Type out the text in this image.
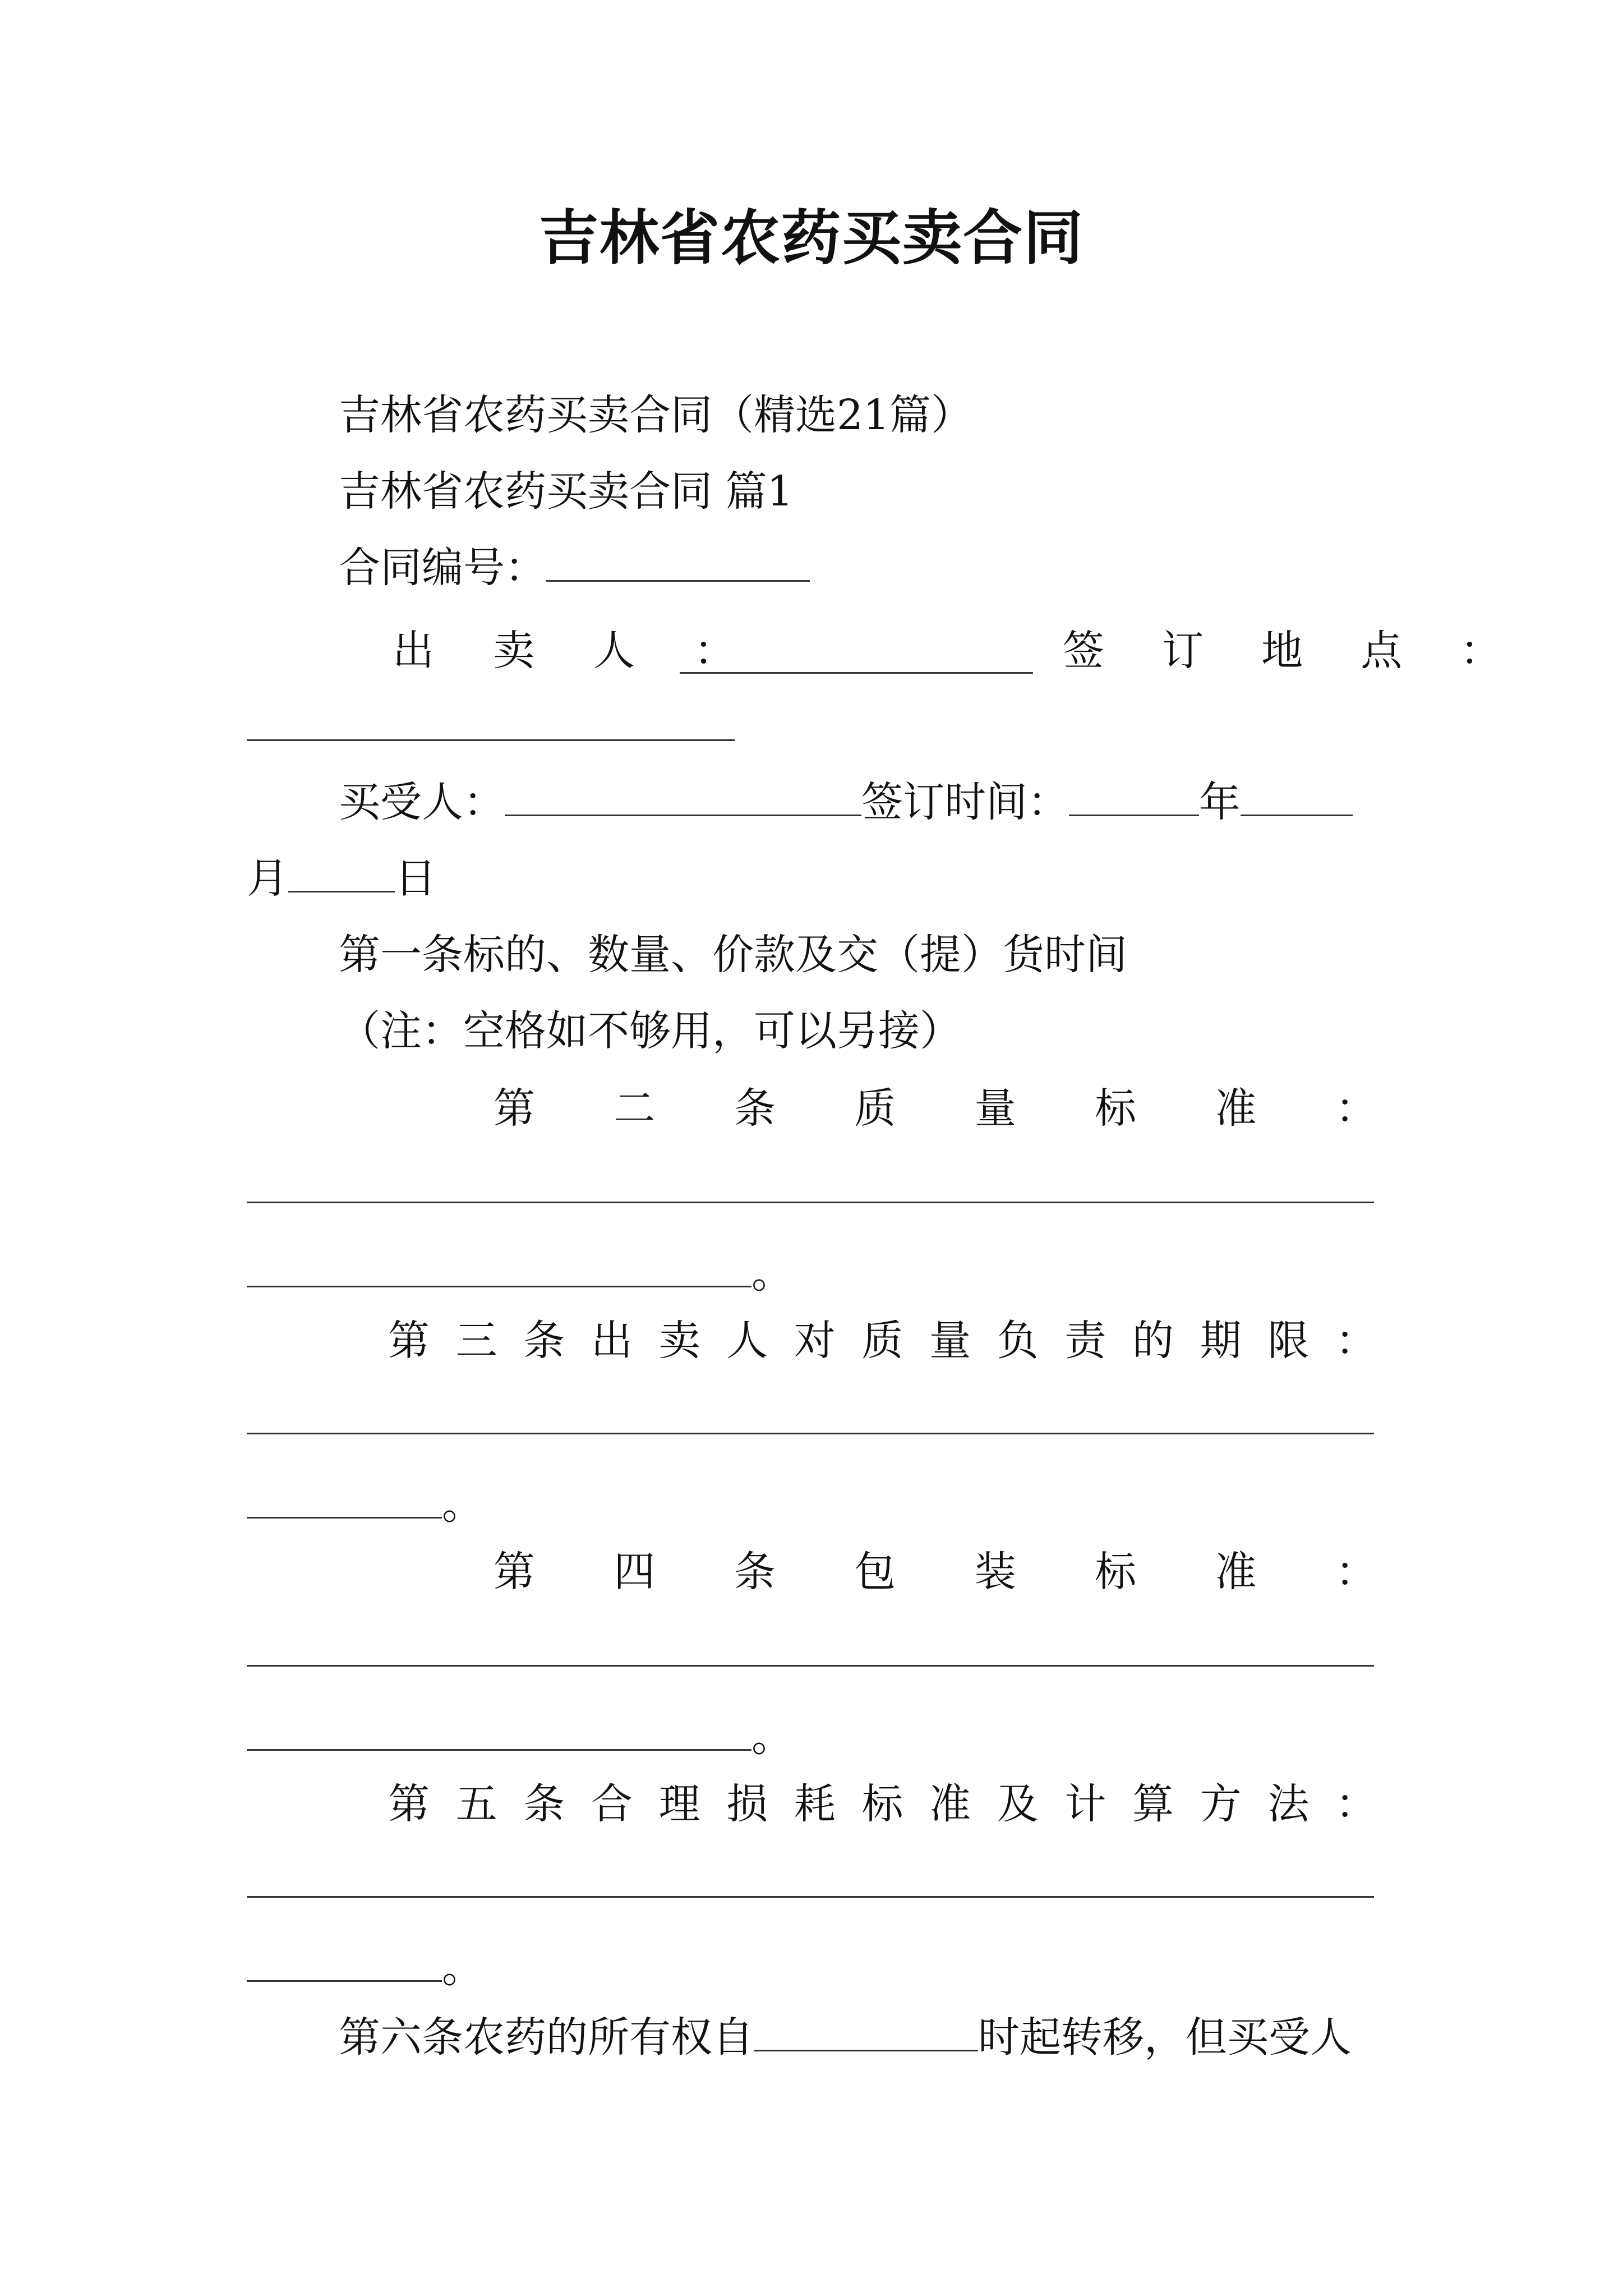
吉林省农药买卖合同
吉林省农药买卖合同（精选21篇）
吉林省农药买卖合同 篇1
合同编号：
出 卖 人 ：	签 订 地 点 ：
买受人：	签订时间：	年
月	日
第一条标的、数量、价款及交（提）货时间
（注：空格如不够用，可以另接）
第 二 条 质 量 标 准 ：
。
第 三 条 出 卖 人 对 质 量 负 责 的 期 限 ：
。
第 四 条 包 装 标 准 ：
。
第 五 条 合 理 损 耗 标 准 及 计 算 方 法 ：
。
第六条农药的所有权自	时起转移，但买受人
